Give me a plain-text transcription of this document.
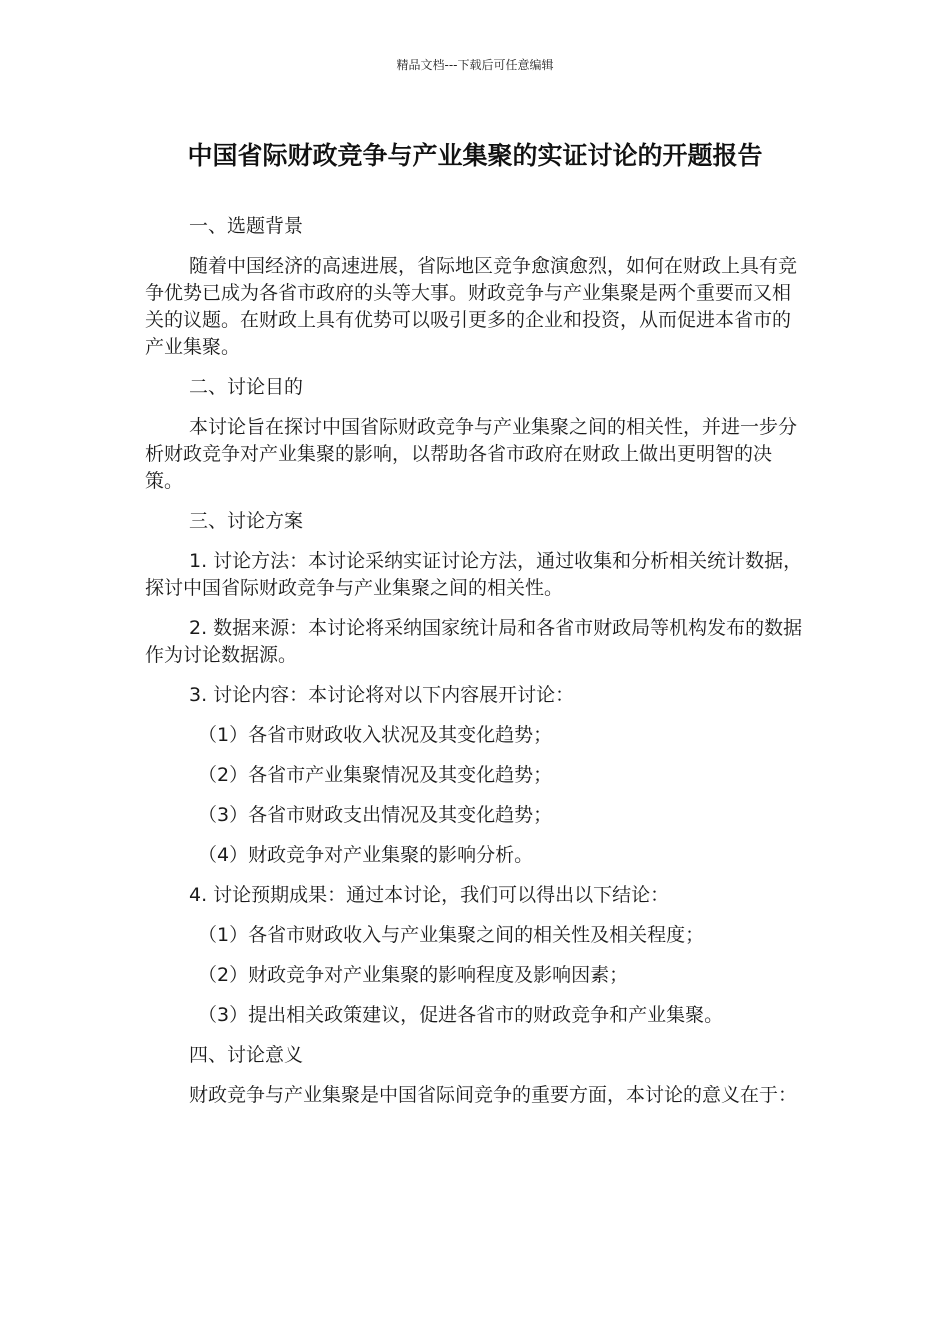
精品文档---下载后可任意编辑
中国省际财政竞争与产业集聚的实证讨论的开题报告

一、选题背景

随着中国经济的高速进展，省际地区竞争愈演愈烈，如何在财政上具有竞争优势已成为各省市政府的头等大事。财政竞争与产业集聚是两个重要而又相关的议题。在财政上具有优势可以吸引更多的企业和投资，从而促进本省市的产业集聚。

二、讨论目的

本讨论旨在探讨中国省际财政竞争与产业集聚之间的相关性，并进一步分析财政竞争对产业集聚的影响，以帮助各省市政府在财政上做出更明智的决策。

三、讨论方案

1. 讨论方法：本讨论采纳实证讨论方法，通过收集和分析相关统计数据，探讨中国省际财政竞争与产业集聚之间的相关性。

2. 数据来源：本讨论将采纳国家统计局和各省市财政局等机构发布的数据作为讨论数据源。

3. 讨论内容：本讨论将对以下内容展开讨论：

（1）各省市财政收入状况及其变化趋势；

（2）各省市产业集聚情况及其变化趋势；

（3）各省市财政支出情况及其变化趋势；

（4）财政竞争对产业集聚的影响分析。

4. 讨论预期成果：通过本讨论，我们可以得出以下结论：

（1）各省市财政收入与产业集聚之间的相关性及相关程度；

（2）财政竞争对产业集聚的影响程度及影响因素；

（3）提出相关政策建议，促进各省市的财政竞争和产业集聚。

四、讨论意义

财政竞争与产业集聚是中国省际间竞争的重要方面，本讨论的意义在于：
